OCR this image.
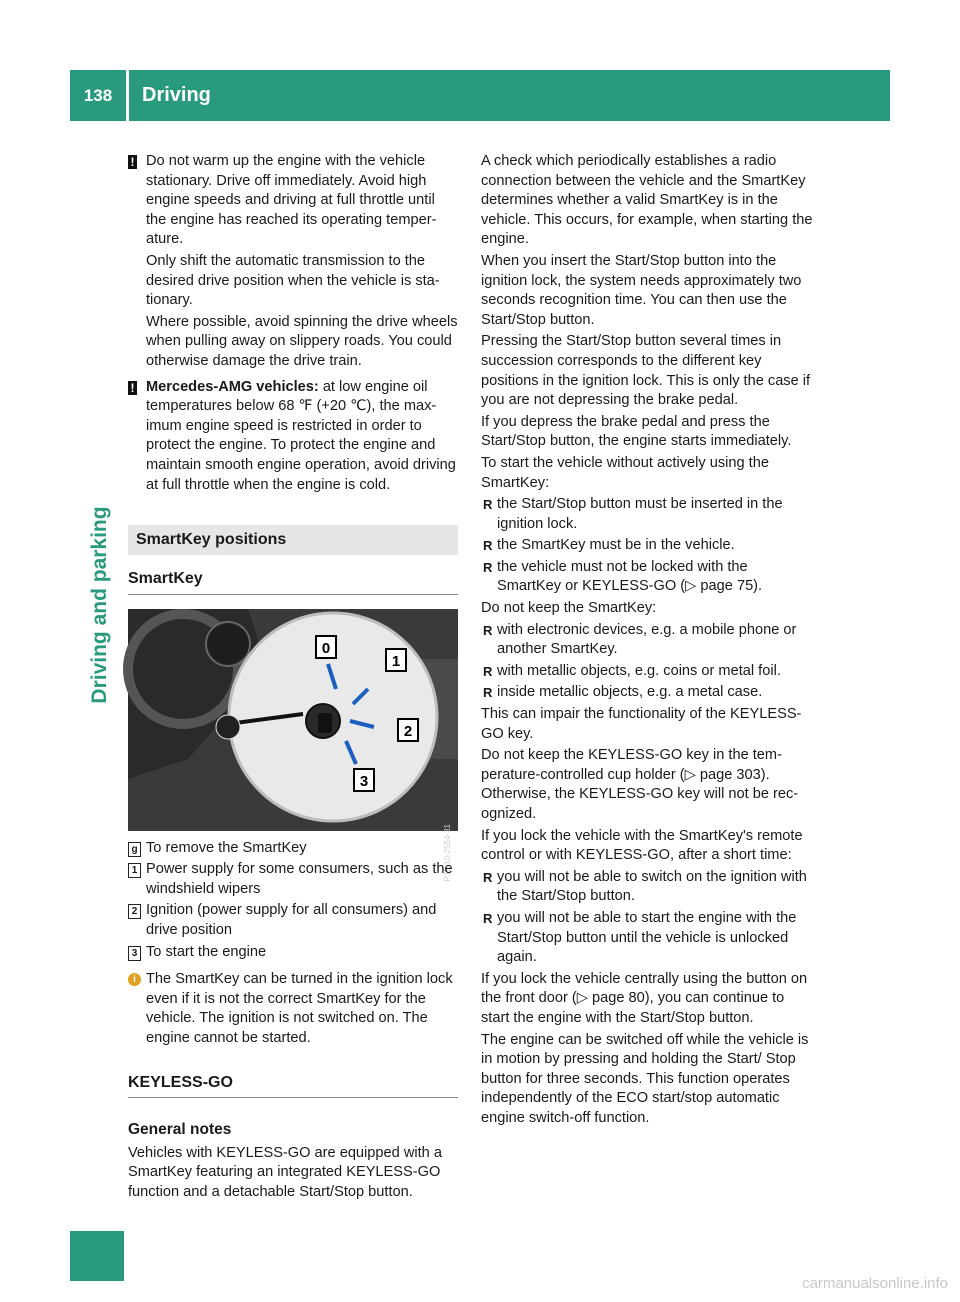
138	Driving
Driving and parking
! Do not warm up the engine with the vehicle stationary. Drive off immediately. Avoid high engine speeds and driving at full throttle until the engine has reached its operating temperature.

Only shift the automatic transmission to the desired drive position when the vehicle is stationary.

Where possible, avoid spinning the drive wheels when pulling away on slippery roads. You could otherwise damage the drive train.

! Mercedes-AMG vehicles: at low engine oil temperatures below 68 ℉ (+20 ℃), the maximum engine speed is restricted in order to protect the engine. To protect the engine and maintain smooth engine operation, avoid driving at full throttle when the engine is cold.

SmartKey positions
SmartKey
0
1
2
3
P15.10-2554-31
g To remove the SmartKey
1 Power supply for some consumers, such as the windshield wipers
2 Ignition (power supply for all consumers) and drive position
3 To start the engine
i The SmartKey can be turned in the ignition lock even if it is not the correct SmartKey for the vehicle. The ignition is not switched on. The engine cannot be started.

KEYLESS-GO
General notes

Vehicles with KEYLESS-GO are equipped with a SmartKey featuring an integrated KEYLESS-GO function and a detachable Start/Stop button.

A check which periodically establishes a radio connection between the vehicle and the SmartKey determines whether a valid SmartKey is in the vehicle. This occurs, for example, when starting the engine.

When you insert the Start/Stop button into the ignition lock, the system needs approximately two seconds recognition time. You can then use the Start/Stop button.

Pressing the Start/Stop button several times in succession corresponds to the different key positions in the ignition lock. This is only the case if you are not depressing the brake pedal.

If you depress the brake pedal and press the Start/Stop button, the engine starts immediately.

To start the vehicle without actively using the SmartKey:

R the Start/Stop button must be inserted in the ignition lock.
R the SmartKey must be in the vehicle.
R the vehicle must not be locked with the SmartKey or KEYLESS-GO (▷ page 75).

Do not keep the SmartKey:

R with electronic devices, e.g. a mobile phone or another SmartKey.
R with metallic objects, e.g. coins or metal foil.
R inside metallic objects, e.g. a metal case.

This can impair the functionality of the KEYLESS-GO key.

Do not keep the KEYLESS-GO key in the temperature-controlled cup holder (▷ page 303). Otherwise, the KEYLESS-GO key will not be recognized.

If you lock the vehicle with the SmartKey's remote control or with KEYLESS-GO, after a short time:

R you will not be able to switch on the ignition with the Start/Stop button.
R you will not be able to start the engine with the Start/Stop button until the vehicle is unlocked again.

If you lock the vehicle centrally using the button on the front door (▷ page 80), you can continue to start the engine with the Start/Stop button.

The engine can be switched off while the vehicle is in motion by pressing and holding the Start/ Stop button for three seconds. This function operates independently of the ECO start/stop automatic engine switch-off function.

carmanualsonline.info
